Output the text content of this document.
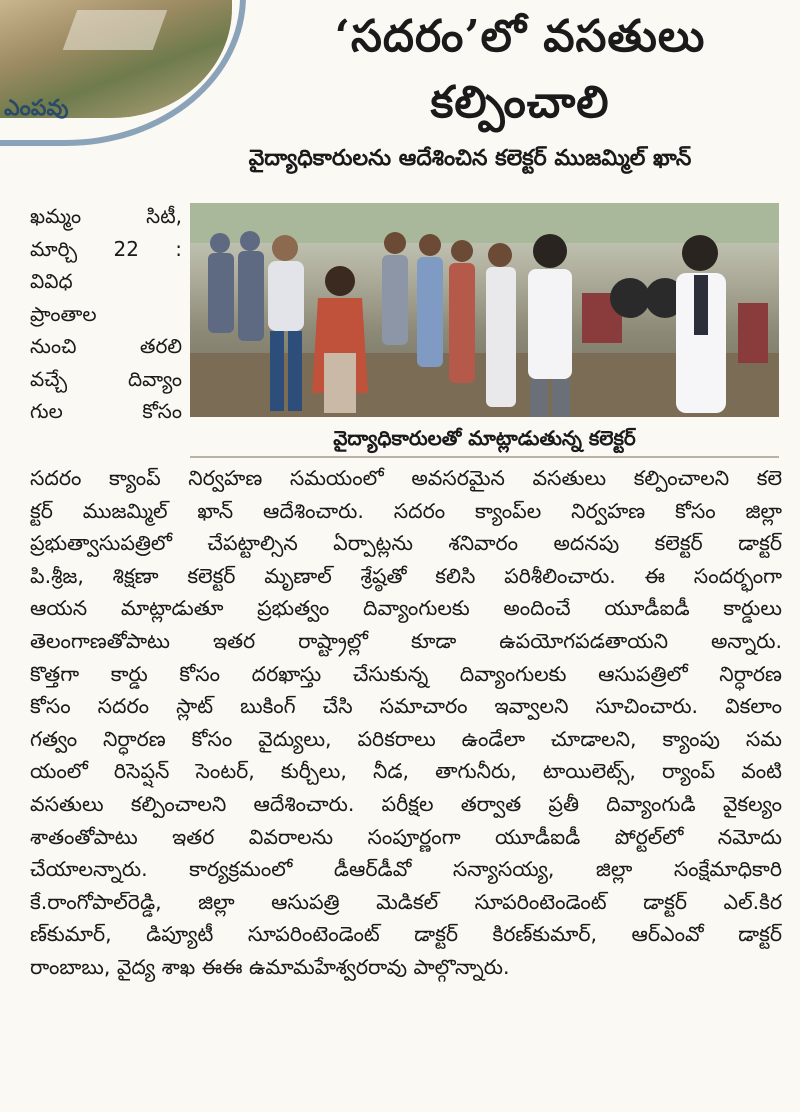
ఎంపవు
‘సదరం’లో వసతులు
కల్పించాలి
వైద్యాధికారులను ఆదేశించిన కలెక్టర్ ముజమ్మిల్ ఖాన్
ఖమ్మం సిటీ,
మార్చి 22 :
వివిధ
ప్రాంతాల
నుంచి తరలి
వచ్చే దివ్యాం
గుల కోసం

వైద్యాధికారులతో మాట్లాడుతున్న కలెక్టర్

సదరం క్యాంప్ నిర్వహణ సమయంలో అవసరమైన వసతులు కల్పించాలని కలె
క్టర్ ముజమ్మిల్ ఖాన్ ఆదేశించారు. సదరం క్యాంప్‌ల నిర్వహణ కోసం జిల్లా
ప్రభుత్వాసుపత్రిలో చేపట్టాల్సిన ఏర్పాట్లను శనివారం అదనపు కలెక్టర్ డాక్టర్
పి.శ్రీజ, శిక్షణా కలెక్టర్ మృణాల్ శ్రేష్ఠతో కలిసి పరిశీలించారు. ఈ సందర్భంగా
ఆయన మాట్లాడుతూ ప్రభుత్వం దివ్యాంగులకు అందించే యూడీఐడీ కార్డులు
తెలంగాణతోపాటు ఇతర రాష్ట్రాల్లో కూడా ఉపయోగపడతాయని అన్నారు.
కొత్తగా కార్డు కోసం దరఖాస్తు చేసుకున్న దివ్యాంగులకు ఆసుపత్రిలో నిర్ధారణ
కోసం సదరం స్లాట్ బుకింగ్ చేసి సమాచారం ఇవ్వాలని సూచించారు. వికలాం
గత్వం నిర్ధారణ కోసం వైద్యులు, పరికరాలు ఉండేలా చూడాలని, క్యాంపు సమ
యంలో రిసెప్షన్ సెంటర్, కుర్చీలు, నీడ, తాగునీరు, టాయిలెట్స్, ర్యాంప్ వంటి
వసతులు కల్పించాలని ఆదేశించారు. పరీక్షల తర్వాత ప్రతీ దివ్యాంగుడి వైకల్యం
శాతంతోపాటు ఇతర వివరాలను సంపూర్ణంగా యూడీఐడీ పోర్టల్‌లో నమోదు
చేయాలన్నారు. కార్యక్రమంలో డీఆర్‌డీవో సన్యాసయ్య, జిల్లా సంక్షేమాధికారి
కే.రాంగోపాల్‌రెడ్డి, జిల్లా ఆసుపత్రి మెడికల్ సూపరింటెండెంట్ డాక్టర్ ఎల్.కిర
ణ్‌కుమార్, డిప్యూటీ సూపరింటెండెంట్ డాక్టర్ కిరణ్‌కుమార్, ఆర్‌ఎంవో డాక్టర్
రాంబాబు, వైద్య శాఖ ఈఈ ఉమామహేశ్వరరావు పాల్గొన్నారు.
